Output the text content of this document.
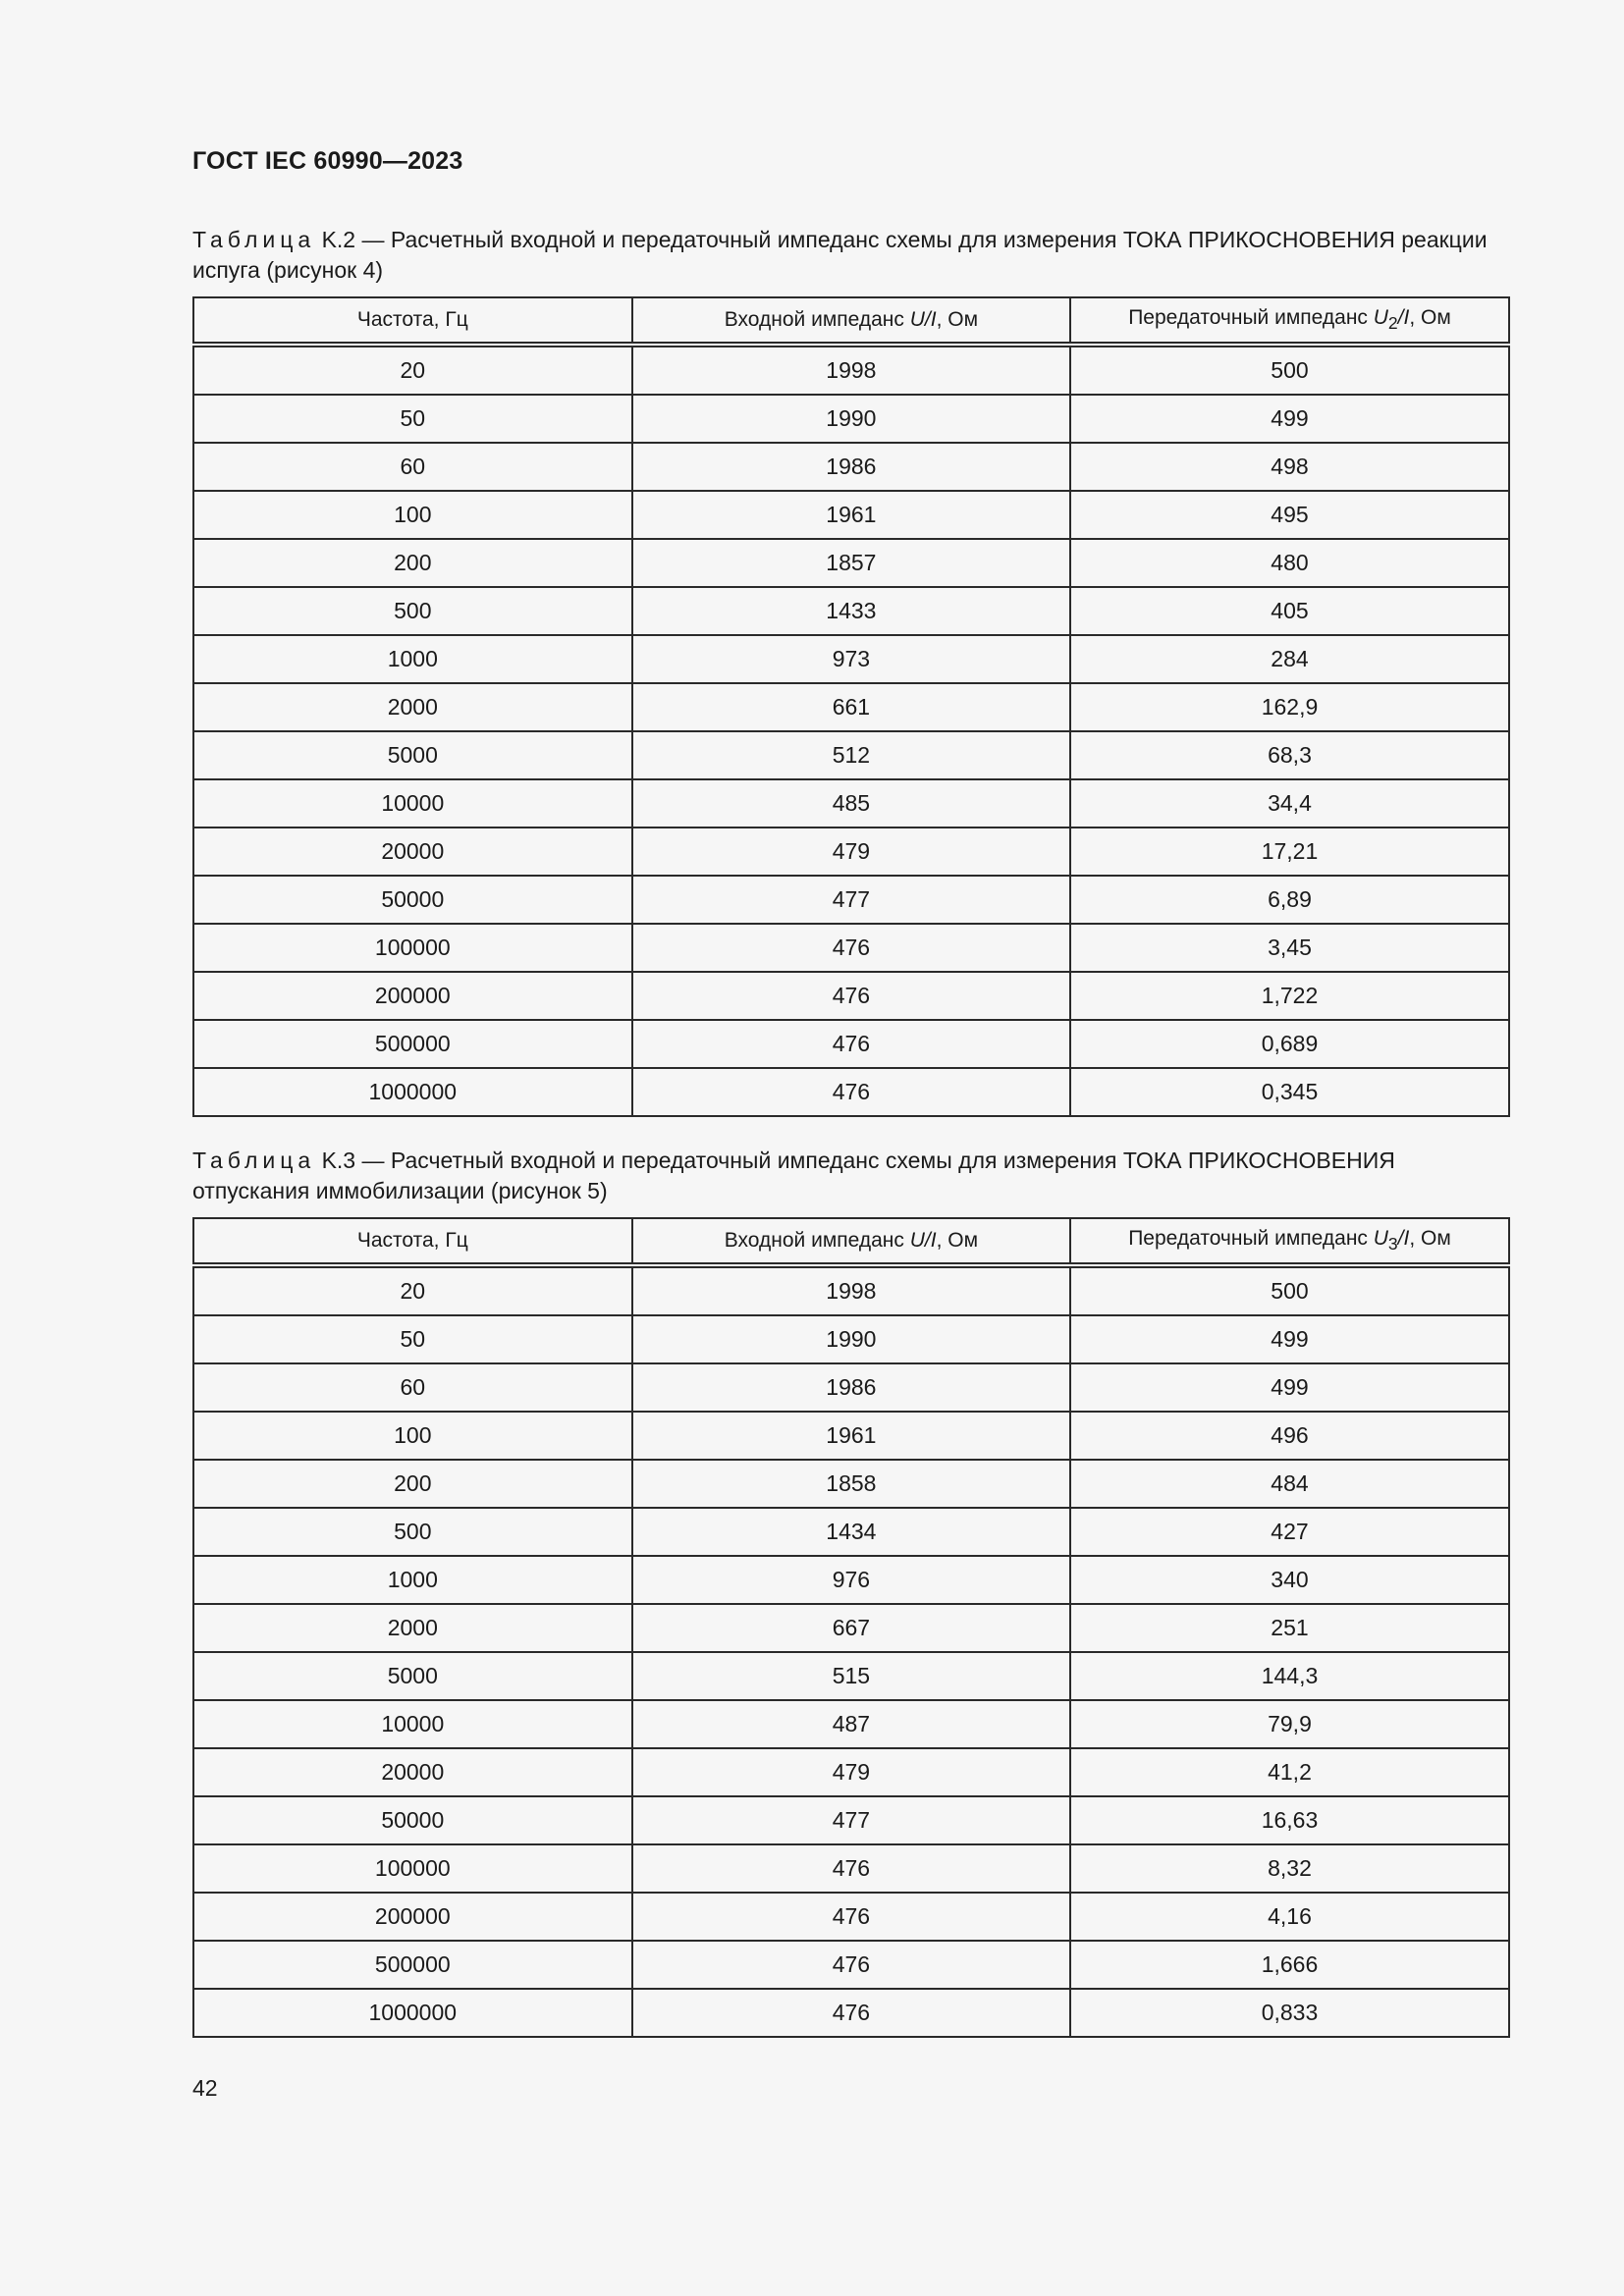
ГОСТ IEC 60990—2023
Таблица K.2 — Расчетный входной и передаточный импеданс схемы для измерения ТОКА ПРИКОСНОВЕНИЯ реакции испуга (рисунок 4)
Частота, Гц	Входной импеданс U/I, Ом	Передаточный импеданс $U_2/I$, Ом
20	1998	500
50	1990	499
60	1986	498
100	1961	495
200	1857	480
500	1433	405
1000	973	284
2000	661	162,9
5000	512	68,3
10000	485	34,4
20000	479	17,21
50000	477	6,89
100000	476	3,45
200000	476	1,722
500000	476	0,689
1000000	476	0,345
Таблица K.3 — Расчетный входной и передаточный импеданс схемы для измерения ТОКА ПРИКОСНОВЕНИЯ отпускания иммобилизации (рисунок 5)
Частота, Гц	Входной импеданс U/I, Ом	Передаточный импеданс $U_3/I$, Ом
20	1998	500
50	1990	499
60	1986	499
100	1961	496
200	1858	484
500	1434	427
1000	976	340
2000	667	251
5000	515	144,3
10000	487	79,9
20000	479	41,2
50000	477	16,63
100000	476	8,32
200000	476	4,16
500000	476	1,666
1000000	476	0,833
42
